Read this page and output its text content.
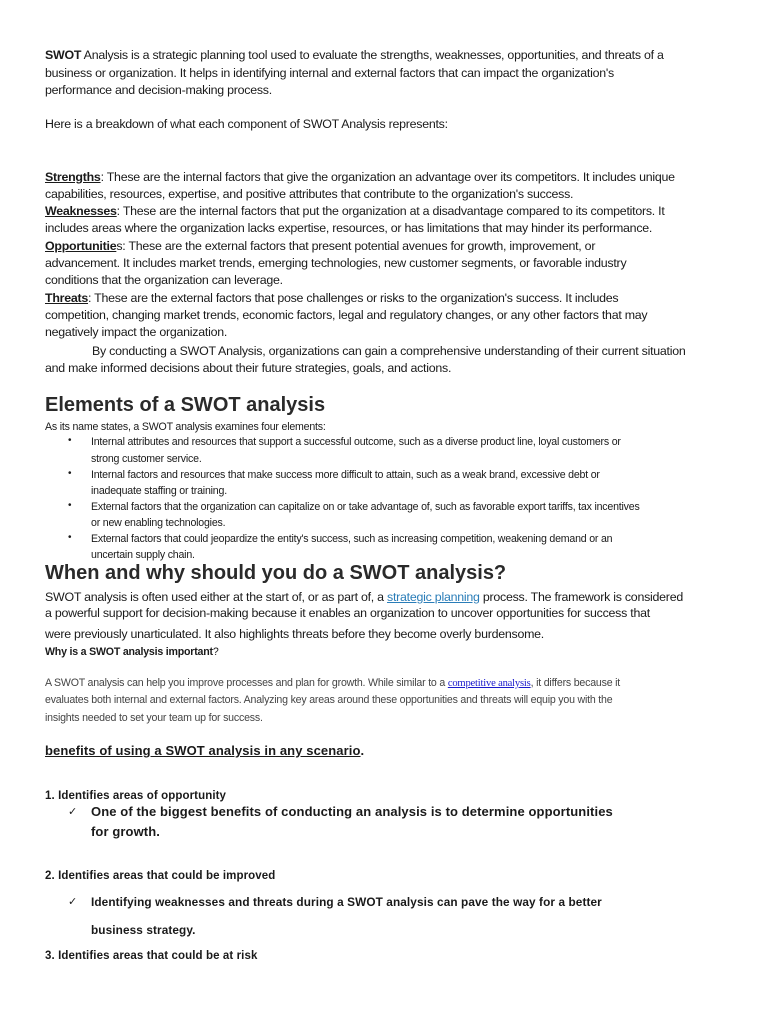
SWOT Analysis is a strategic planning tool used to evaluate the strengths, weaknesses, opportunities, and threats of a
business or organization. It helps in identifying internal and external factors that can impact the organization's
performance and decision-making process.
Here is a breakdown of what each component of SWOT Analysis represents:
Strengths: These are the internal factors that give the organization an advantage over its competitors. It includes unique
capabilities, resources, expertise, and positive attributes that contribute to the organization's success.
Weaknesses: These are the internal factors that put the organization at a disadvantage compared to its competitors. It
includes areas where the organization lacks expertise, resources, or has limitations that may hinder its performance.
Opportunities: These are the external factors that present potential avenues for growth, improvement, or
advancement. It includes market trends, emerging technologies, new customer segments, or favorable industry
conditions that the organization can leverage.
Threats: These are the external factors that pose challenges or risks to the organization's success. It includes
competition, changing market trends, economic factors, legal and regulatory changes, or any other factors that may
negatively impact the organization.
By conducting a SWOT Analysis, organizations can gain a comprehensive understanding of their current situation
and make informed decisions about their future strategies, goals, and actions.
Elements of a SWOT analysis
As its name states, a SWOT analysis examines four elements:
• Internal attributes and resources that support a successful outcome, such as a diverse product line, loyal customers or
strong customer service.
• Internal factors and resources that make success more difficult to attain, such as a weak brand, excessive debt or
inadequate staffing or training.
• External factors that the organization can capitalize on or take advantage of, such as favorable export tariffs, tax incentives
or new enabling technologies.
• External factors that could jeopardize the entity's success, such as increasing competition, weakening demand or an
uncertain supply chain.
When and why should you do a SWOT analysis?
SWOT analysis is often used either at the start of, or as part of, a strategic planning process. The framework is considered
a powerful support for decision-making because it enables an organization to uncover opportunities for success that
were previously unarticulated. It also highlights threats before they become overly burdensome.
Why is a SWOT analysis important?
A SWOT analysis can help you improve processes and plan for growth. While similar to a competitive analysis, it differs because it
evaluates both internal and external factors. Analyzing key areas around these opportunities and threats will equip you with the
insights needed to set your team up for success.
benefits of using a SWOT analysis in any scenario.
1. Identifies areas of opportunity
✓ One of the biggest benefits of conducting an analysis is to determine opportunities
for growth.
2. Identifies areas that could be improved
✓ Identifying weaknesses and threats during a SWOT analysis can pave the way for a better
business strategy.
3. Identifies areas that could be at risk
